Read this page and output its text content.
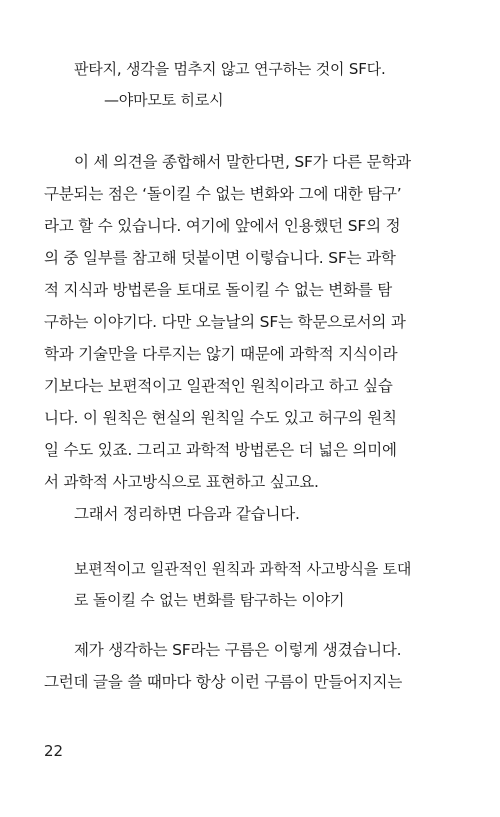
판타지, 생각을 멈추지 않고 연구하는 것이 SF다.
—야마모토 히로시
이 세 의견을 종합해서 말한다면, SF가 다른 문학과
구분되는 점은 ‘돌이킬 수 없는 변화와 그에 대한 탐구’
라고 할 수 있습니다. 여기에 앞에서 인용했던 SF의 정
의 중 일부를 참고해 덧붙이면 이렇습니다. SF는 과학
적 지식과 방법론을 토대로 돌이킬 수 없는 변화를 탐
구하는 이야기다. 다만 오늘날의 SF는 학문으로서의 과
학과 기술만을 다루지는 않기 때문에 과학적 지식이라
기보다는 보편적이고 일관적인 원칙이라고 하고 싶습
니다. 이 원칙은 현실의 원칙일 수도 있고 허구의 원칙
일 수도 있죠. 그리고 과학적 방법론은 더 넓은 의미에
서 과학적 사고방식으로 표현하고 싶고요.
그래서 정리하면 다음과 같습니다.
보편적이고 일관적인 원칙과 과학적 사고방식을 토대
로 돌이킬 수 없는 변화를 탐구하는 이야기
제가 생각하는 SF라는 구름은 이렇게 생겼습니다.
그런데 글을 쓸 때마다 항상 이런 구름이 만들어지지는
22
